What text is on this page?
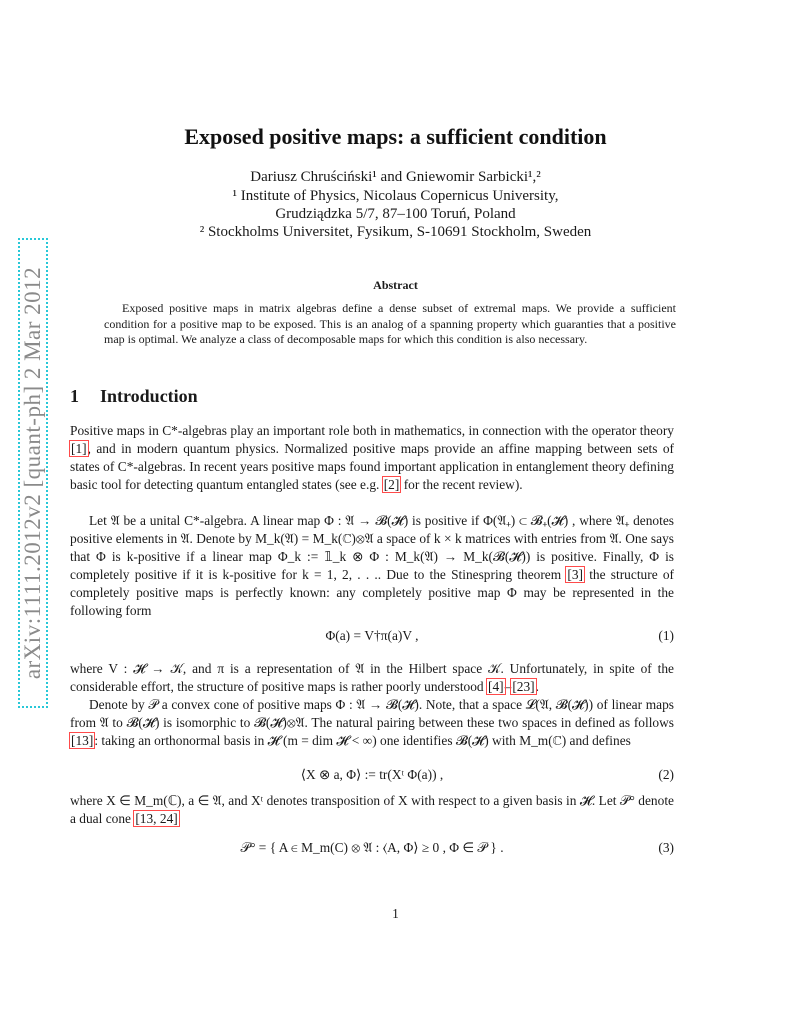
arXiv:1111.2012v2 [quant-ph] 2 Mar 2012
Exposed positive maps: a sufficient condition
Dariusz Chruściński¹ and Gniewomir Sarbicki¹,²
¹ Institute of Physics, Nicolaus Copernicus University,
Grudziądzka 5/7, 87–100 Toruń, Poland
² Stockholms Universitet, Fysikum, S-10691 Stockholm, Sweden
Abstract
Exposed positive maps in matrix algebras define a dense subset of extremal maps. We provide a sufficient condition for a positive map to be exposed. This is an analog of a spanning property which guaranties that a positive map is optimal. We analyze a class of decomposable maps for which this condition is also necessary.
1 Introduction

Positive maps in C*-algebras play an important role both in mathematics, in connection with the operator theory [1], and in modern quantum physics. Normalized positive maps provide an affine mapping between sets of states of C*-algebras. In recent years positive maps found important application in entanglement theory defining basic tool for detecting quantum entangled states (see e.g. [2] for the recent review).

Let 𝔄 be a unital C*-algebra. A linear map Φ : 𝔄 → 𝓑(𝓗) is positive if Φ(𝔄₊) ⊂ 𝓑₊(𝓗) , where 𝔄₊ denotes positive elements in 𝔄. Denote by M_k(𝔄) = M_k(ℂ)⊗𝔄 a space of k × k matrices with entries from 𝔄. One says that Φ is k-positive if a linear map Φ_k := 𝟙_k ⊗ Φ : M_k(𝔄) → M_k(𝓑(𝓗)) is positive. Finally, Φ is completely positive if it is k-positive for k = 1, 2, . . .. Due to the Stinespring theorem [3] the structure of completely positive maps is perfectly known: any completely positive map Φ may be represented in the following form

Φ(a) = V†π(a)V ,	(1)

where V : 𝓗 → 𝒦, and π is a representation of 𝔄 in the Hilbert space 𝒦. Unfortunately, in spite of the considerable effort, the structure of positive maps is rather poorly understood [4]–[23].

Denote by 𝒫 a convex cone of positive maps Φ : 𝔄 → 𝓑(𝓗). Note, that a space 𝓛(𝔄, 𝓑(𝓗)) of linear maps from 𝔄 to 𝓑(𝓗) is isomorphic to 𝓑(𝓗)⊗𝔄. The natural pairing between these two spaces in defined as follows [13]: taking an orthonormal basis in 𝓗 (m = dim 𝓗 < ∞) one identifies 𝓑(𝓗) with M_m(ℂ) and defines

⟨X ⊗ a, Φ⟩ := tr(Xᵗ Φ(a)) ,	(2)

where X ∈ M_m(ℂ), a ∈ 𝔄, and Xᵗ denotes transposition of X with respect to a given basis in 𝓗. Let 𝒫° denote a dual cone [13, 24]

𝒫° = { A ∈ M_m(C) ⊗ 𝔄 : ⟨A, Φ⟩ ≥ 0 , Φ ∈ 𝒫 } .	(3)
1
